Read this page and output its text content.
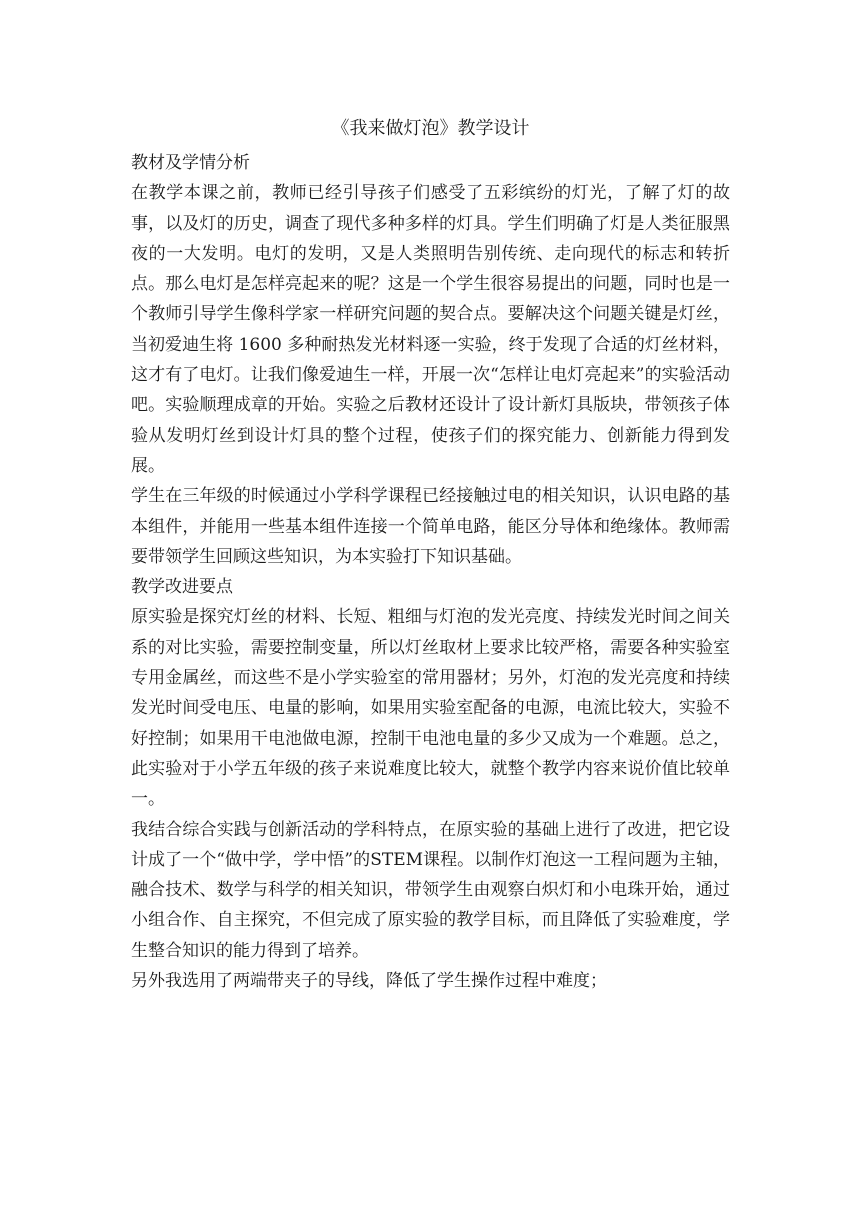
《我来做灯泡》教学设计
教材及学情分析

在教学本课之前，教师已经引导孩子们感受了五彩缤纷的灯光，了解了灯的故事，以及灯的历史，调查了现代多种多样的灯具。学生们明确了灯是人类征服黑夜的一大发明。电灯的发明，又是人类照明告别传统、走向现代的标志和转折点。那么电灯是怎样亮起来的呢？这是一个学生很容易提出的问题，同时也是一个教师引导学生像科学家一样研究问题的契合点。要解决这个问题关键是灯丝，当初爱迪生将 1600 多种耐热发光材料逐一实验，终于发现了合适的灯丝材料，这才有了电灯。让我们像爱迪生一样，开展一次“怎样让电灯亮起来”的实验活动吧。实验顺理成章的开始。实验之后教材还设计了设计新灯具版块，带领孩子体验从发明灯丝到设计灯具的整个过程，使孩子们的探究能力、创新能力得到发展。

学生在三年级的时候通过小学科学课程已经接触过电的相关知识，认识电路的基本组件，并能用一些基本组件连接一个简单电路，能区分导体和绝缘体。教师需要带领学生回顾这些知识，为本实验打下知识基础。

教学改进要点

原实验是探究灯丝的材料、长短、粗细与灯泡的发光亮度、持续发光时间之间关系的对比实验，需要控制变量，所以灯丝取材上要求比较严格，需要各种实验室专用金属丝，而这些不是小学实验室的常用器材；另外，灯泡的发光亮度和持续发光时间受电压、电量的影响，如果用实验室配备的电源，电流比较大，实验不好控制；如果用干电池做电源，控制干电池电量的多少又成为一个难题。总之，此实验对于小学五年级的孩子来说难度比较大，就整个教学内容来说价值比较单一。

我结合综合实践与创新活动的学科特点，在原实验的基础上进行了改进，把它设计成了一个“做中学，学中悟”的STEM课程。以制作灯泡这一工程问题为主轴，融合技术、数学与科学的相关知识，带领学生由观察白炽灯和小电珠开始，通过小组合作、自主探究，不但完成了原实验的教学目标，而且降低了实验难度，学生整合知识的能力得到了培养。

另外我选用了两端带夹子的导线，降低了学生操作过程中难度；
